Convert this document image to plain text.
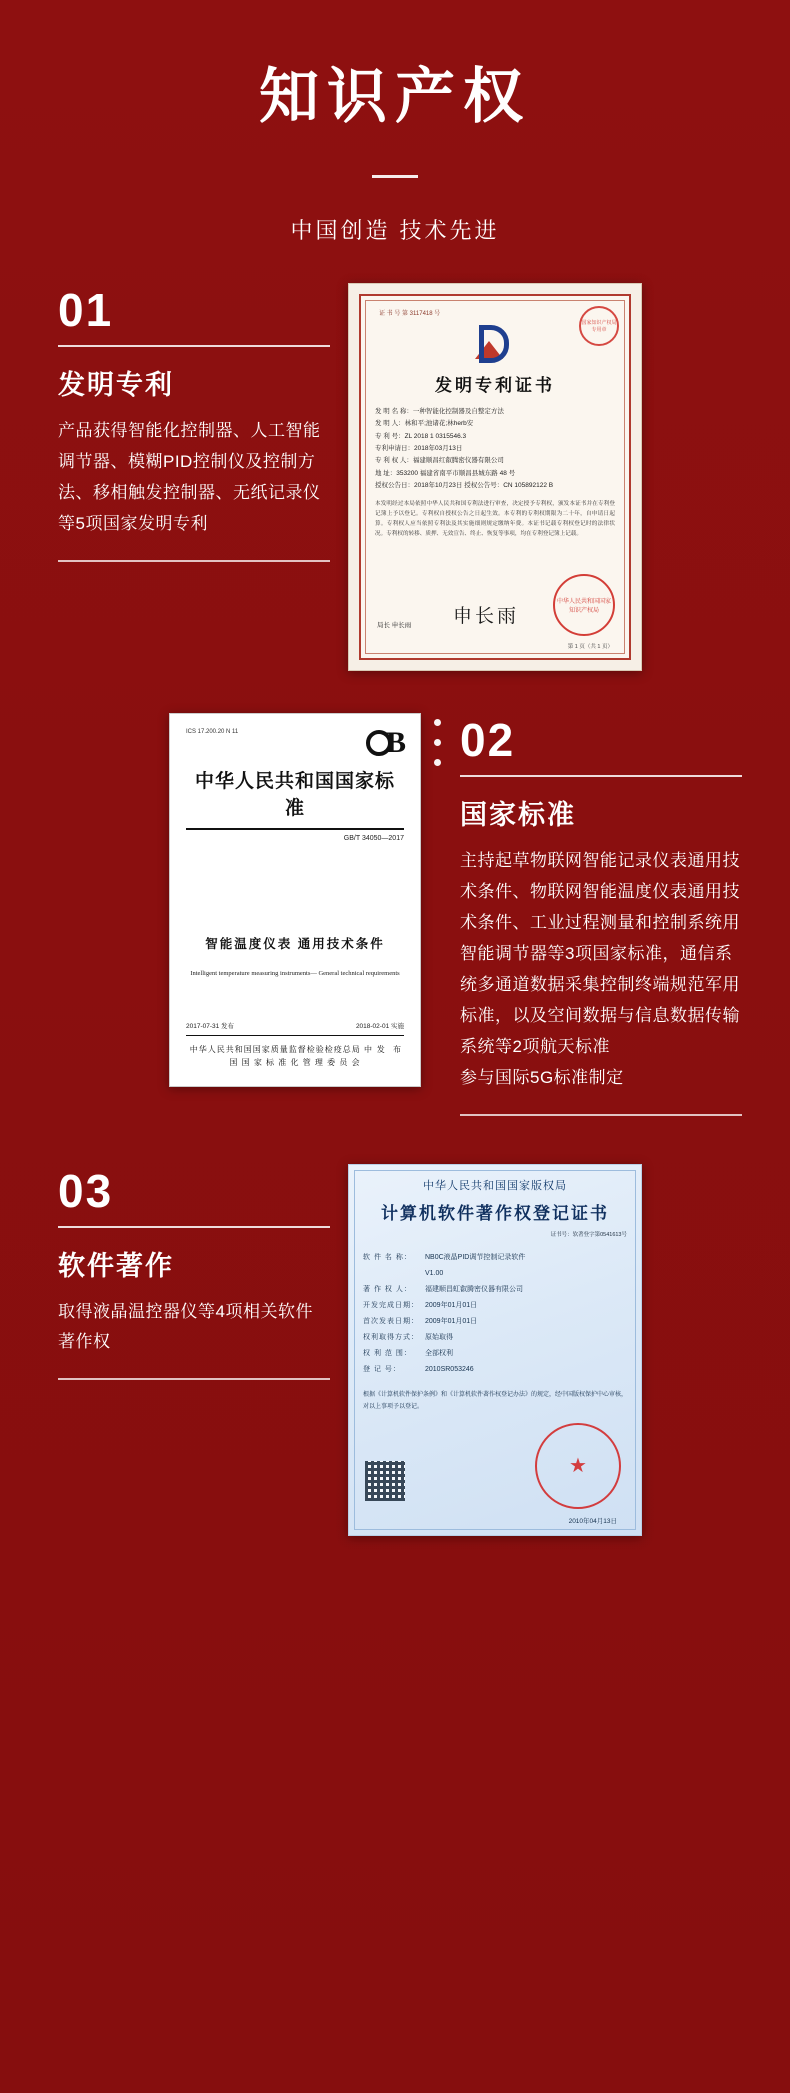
知识产权
中国创造 技术先进
01
发明专利
产品获得智能化控制器、人工智能调节器、模糊PID控制仪及控制方法、移相触发控制器、无纸记录仪等5项国家发明专利
证 书 号 第 3117418 号
发明专利证书
发 明 名 称：一种智能化控制器及自整定方法
发 明 人：林和平;池诸花;林herb安
专 利 号：ZL 2018 1 0315546.3
专利申请日：2018年03月13日
专 利 权 人：福建顺昌红叡腾密仪器有限公司
地 址：353200 福建省南平市顺昌县城东路 48 号
授权公告日：2018年10月23日 授权公告号：CN 105892122 B
本发明经过本局依照中华人民共和国专利法进行审查，决定授予专利权，颁发本证书并在专利登记簿上予以登记。专利权自授权公告之日起生效。本专利的专利权期限为二十年，自申请日起算。专利权人应当依照专利法及其实施细则规定缴纳年费。本证书记载专利权登记时的法律状况。专利权的转移、质押、无效宣告、终止、恢复等事项，均在专利登记簿上记载。
局长 申长雨 申长雨
国家知识产权局专用章
中华人民共和国国家知识产权局
第 1 页（共 1 页）
02
国家标准
主持起草物联网智能记录仪表通用技术条件、物联网智能温度仪表通用技术条件、工业过程测量和控制系统用智能调节器等3项国家标准，通信系统多通道数据采集控制终端规范军用标准，以及空间数据与信息数据传输系统等2项航天标准
参与国际5G标准制定
ICS 17.200.20 N 11	B
中华人民共和国国家标准
GB/T 34050—2017
智能温度仪表 通用技术条件
Intelligent temperature measuring instruments— General technical requirements
2017-07-31 发布	2018-02-01 实施
发 布
中华人民共和国国家质量监督检验检疫总局 中 国 国 家 标 准 化 管 理 委 员 会
03
软件著作
取得液晶温控器仪等4项相关软件著作权
中华人民共和国国家版权局
计算机软件著作权登记证书
证书号：软著登字第0541613号
软 件 名 称： NB0C液晶PID调节控制记录软件
V1.00
著 作 权 人： 福建顺昌虹叡腾密仪器有限公司
开发完成日期： 2009年01月01日
首次发表日期： 2009年01月01日
权利取得方式： 原始取得
权 利 范 围： 全部权利
登 记 号：	2010SR053246
根据《计算机软件保护条例》和《计算机软件著作权登记办法》的规定，经中国版权保护中心审核，对以上事项予以登记。
★
2010年04月13日
